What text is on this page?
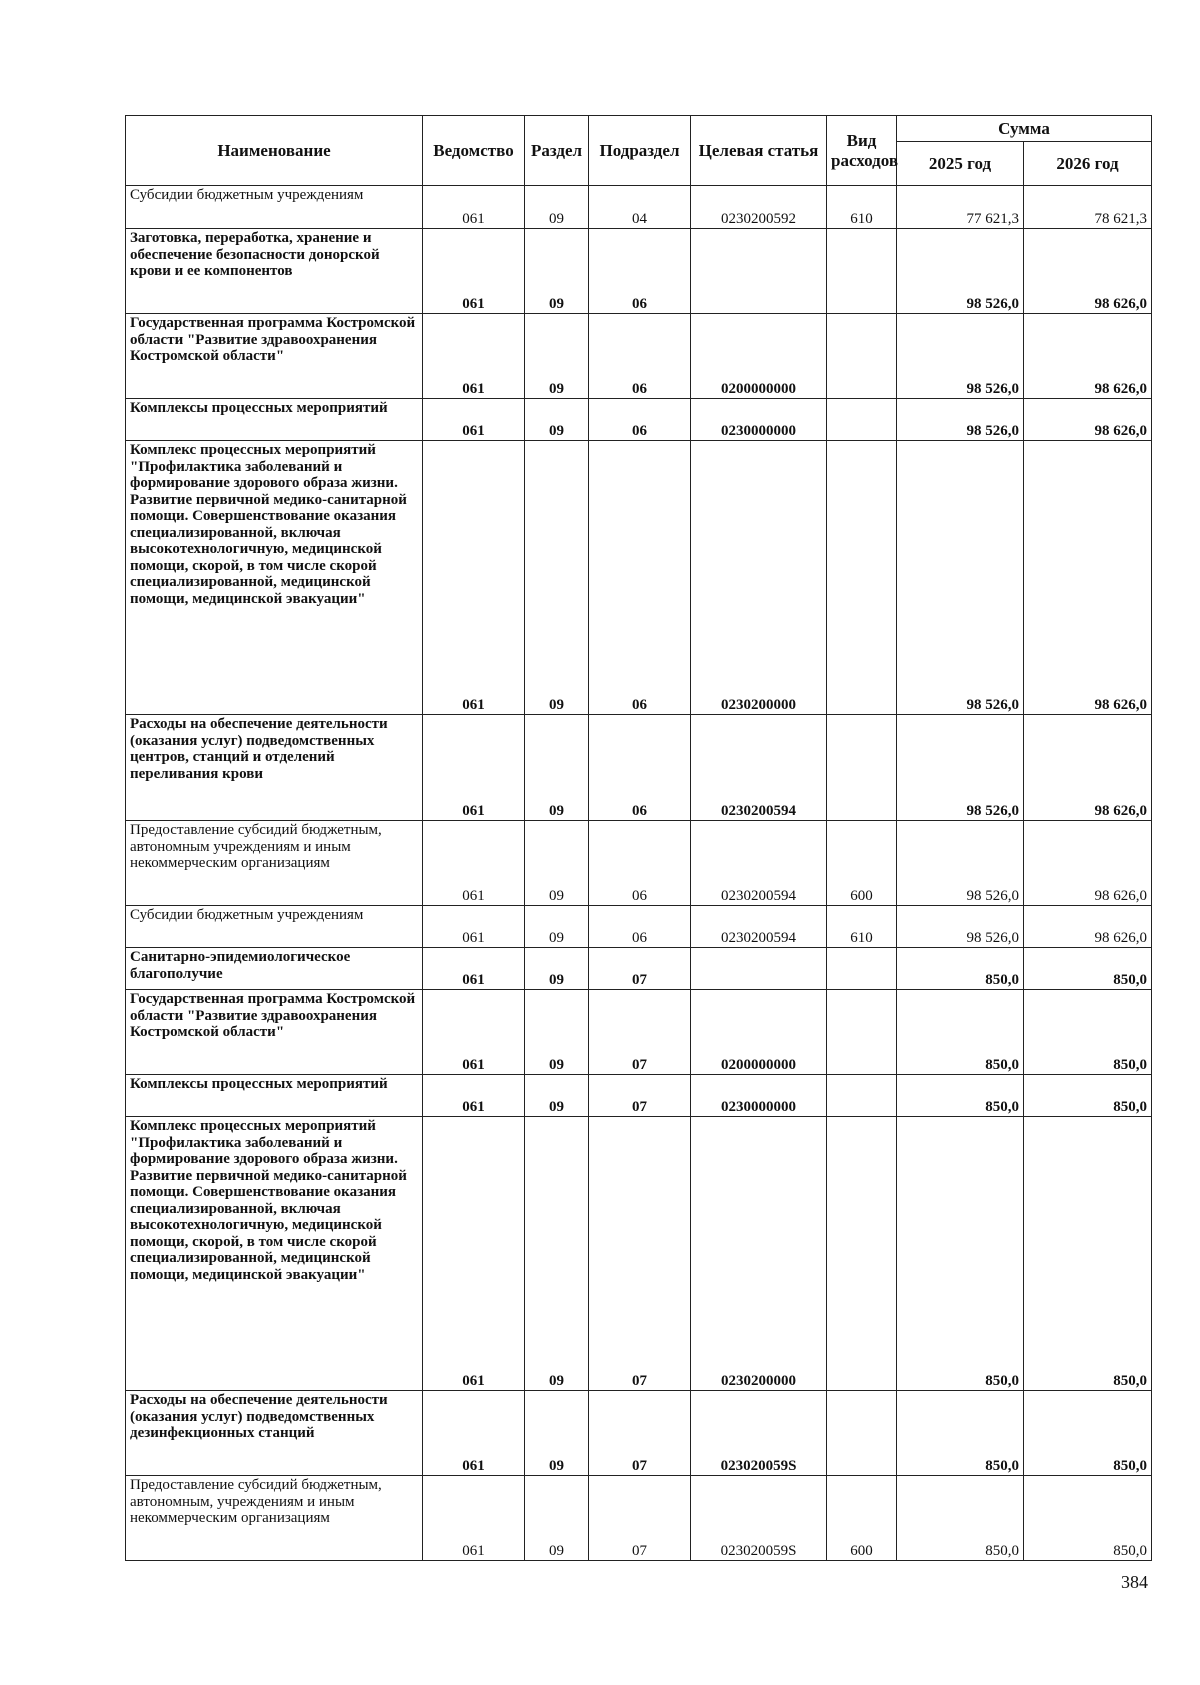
Наименование	Ведомство	Раздел	Подраздел	Целевая статья	Вид расходов	Сумма	
						2025 год	2026 год
Субсидии бюджетным учреждениям	061	09	04	0230200592	610	77 621,3	78 621,3
Заготовка, переработка, хранение и обеспечение безопасности донорской крови и ее компонентов	061	09	06			98 526,0	98 626,0
Государственная программа Костромской области "Развитие здравоохранения Костромской области"	061	09	06	0200000000		98 526,0	98 626,0
Комплексы процессных мероприятий	061	09	06	0230000000		98 526,0	98 626,0
Комплекс процессных мероприятий "Профилактика заболеваний и формирование здорового образа жизни. Развитие первичной медико-санитарной помощи. Совершенствование оказания специализированной, включая высокотехнологичную, медицинской помощи, скорой, в том числе скорой специализированной, медицинской помощи, медицинской эвакуации"	061	09	06	0230200000		98 526,0	98 626,0
Расходы на обеспечение деятельности (оказания услуг) подведомственных центров, станций и отделений переливания крови	061	09	06	0230200594		98 526,0	98 626,0
Предоставление субсидий бюджетным, автономным учреждениям и иным некоммерческим организациям	061	09	06	0230200594	600	98 526,0	98 626,0
Субсидии бюджетным учреждениям	061	09	06	0230200594	610	98 526,0	98 626,0
Санитарно-эпидемиологическое благополучие	061	09	07			850,0	850,0
Государственная программа Костромской области "Развитие здравоохранения Костромской области"	061	09	07	0200000000		850,0	850,0
Комплексы процессных мероприятий	061	09	07	0230000000		850,0	850,0
Комплекс процессных мероприятий "Профилактика заболеваний и формирование здорового образа жизни. Развитие первичной медико-санитарной помощи. Совершенствование оказания специализированной, включая высокотехнологичную, медицинской помощи, скорой, в том числе скорой специализированной, медицинской помощи, медицинской эвакуации"	061	09	07	0230200000		850,0	850,0
Расходы на обеспечение деятельности (оказания услуг) подведомственных дезинфекционных станций	061	09	07	023020059S		850,0	850,0
Предоставление субсидий бюджетным, автономным, учреждениям и иным некоммерческим организациям	061	09	07	023020059S	600	850,0	850,0
384
